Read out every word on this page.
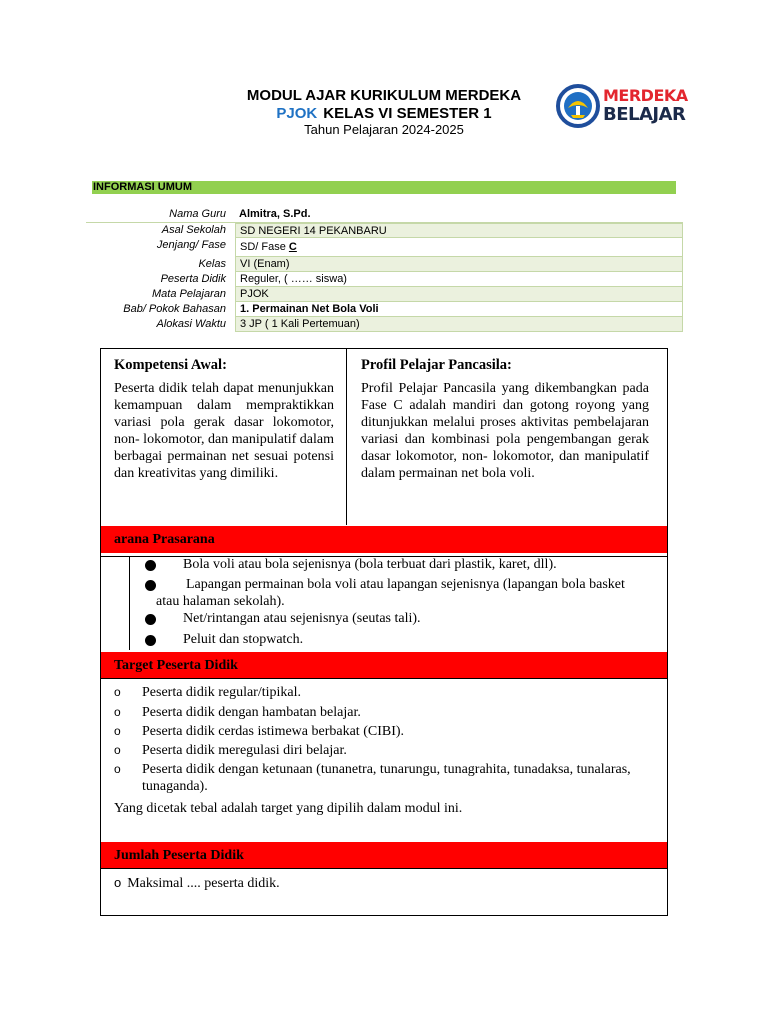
MODUL AJAR KURIKULUM MERDEKA
PJOK KELAS VI SEMESTER 1
Tahun Pelajaran 2024-2025
MERDEKA
BELAJAR
INFORMASI UMUM
Nama Guru	Almitra, S.Pd.
Asal Sekolah	SD NEGERI 14 PEKANBARU
Jenjang/ Fase	SD/ Fase C
Kelas	VI (Enam)
Peserta Didik	Reguler, ( …… siswa)
Mata Pelajaran	PJOK
Bab/ Pokok Bahasan	1. Permainan Net Bola Voli
Alokasi Waktu	3 JP ( 1 Kali Pertemuan)
Kompetensi Awal:
Peserta didik telah dapat menunjukkan kemampuan dalam mempraktikkan variasi pola gerak dasar lokomotor, non- lokomotor, dan manipulatif dalam berbagai permainan net sesuai potensi dan kreativitas yang dimiliki.
Profil Pelajar Pancasila:
Profil Pelajar Pancasila yang dikembangkan pada Fase C adalah mandiri dan gotong royong yang ditunjukkan melalui proses aktivitas pembelajaran variasi dan kombinasi pola pengembangan gerak dasar lokomotor, non- lokomotor, dan manipulatif dalam permainan net bola voli.
arana Prasarana
Bola voli atau bola sejenisnya (bola terbuat dari plastik, karet, dll).
Lapangan permainan bola voli atau lapangan sejenisnya (lapangan bola basket atau halaman sekolah).
Net/rintangan atau sejenisnya (seutas tali).
Peluit dan stopwatch.
Target Peserta Didik
o Peserta didik regular/tipikal.
o Peserta didik dengan hambatan belajar.
o Peserta didik cerdas istimewa berbakat (CIBI).
o Peserta didik meregulasi diri belajar.
o Peserta didik dengan ketunaan (tunanetra, tunarungu, tunagrahita, tunadaksa, tunalaras, tunaganda).
Yang dicetak tebal adalah target yang dipilih dalam modul ini.
Jumlah Peserta Didik
o Maksimal .... peserta didik.
